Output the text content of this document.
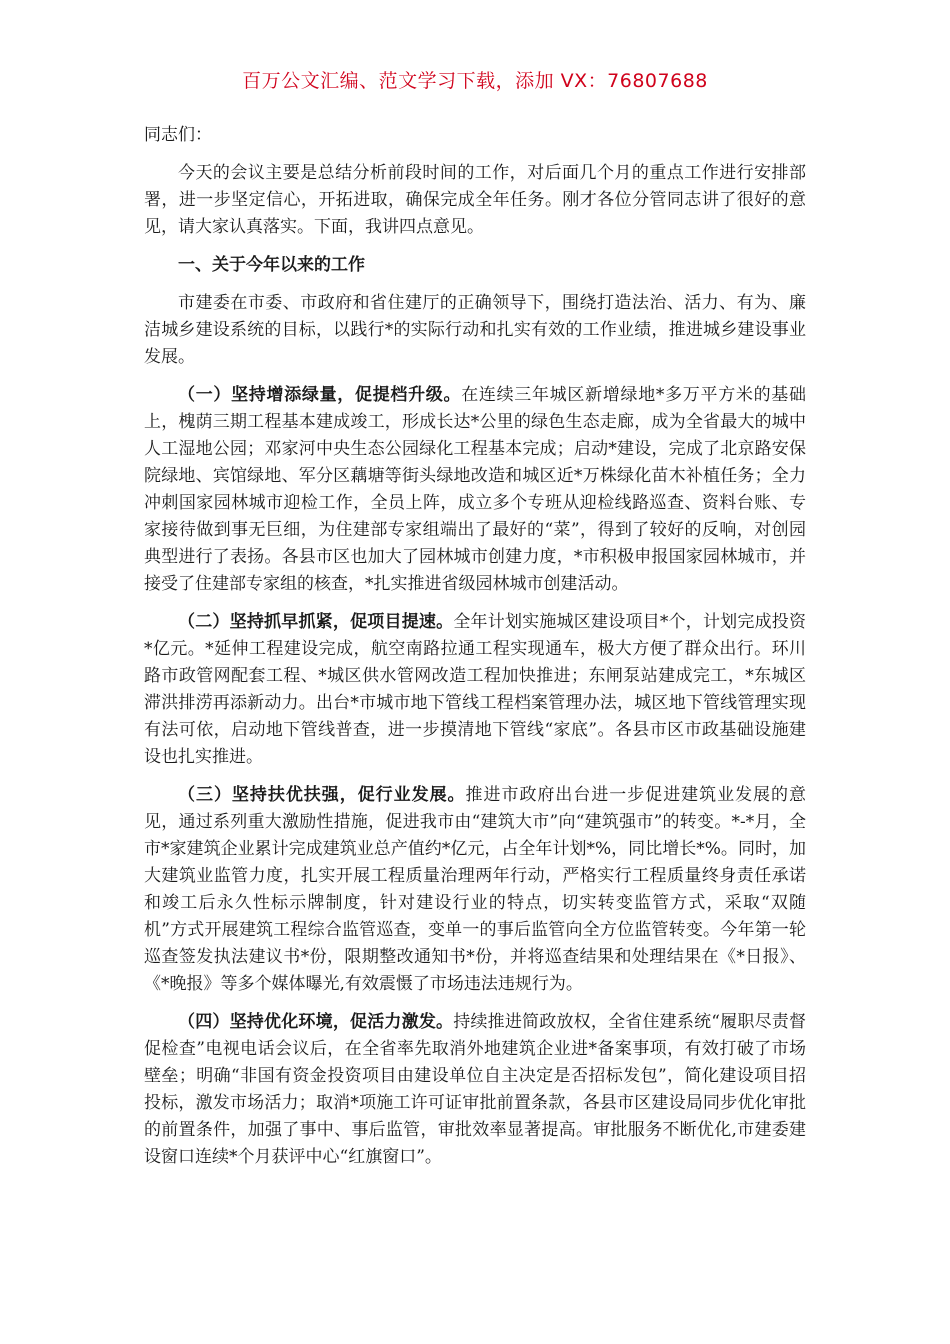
百万公文汇编、范文学习下载，添加 VX：76807688

同志们：

今天的会议主要是总结分析前段时间的工作，对后面几个月的重点工作进行安排部署，进一步坚定信心，开拓进取，确保完成全年任务。刚才各位分管同志讲了很好的意见，请大家认真落实。下面，我讲四点意见。

一、关于今年以来的工作

市建委在市委、市政府和省住建厅的正确领导下，围绕打造法治、活力、有为、廉洁城乡建设系统的目标，以践行*的实际行动和扎实有效的工作业绩，推进城乡建设事业发展。

（一）坚持增添绿量，促提档升级。在连续三年城区新增绿地*多万平方米的基础上，槐荫三期工程基本建成竣工，形成长达*公里的绿色生态走廊，成为全省最大的城中人工湿地公园；邓家河中央生态公园绿化工程基本完成；启动*建设，完成了北京路安保院绿地、宾馆绿地、军分区藕塘等街头绿地改造和城区近*万株绿化苗木补植任务；全力冲刺国家园林城市迎检工作，全员上阵，成立多个专班从迎检线路巡查、资料台账、专家接待做到事无巨细，为住建部专家组端出了最好的“菜”，得到了较好的反响，对创园典型进行了表扬。各县市区也加大了园林城市创建力度，*市积极申报国家园林城市，并接受了住建部专家组的核查，*扎实推进省级园林城市创建活动。

（二）坚持抓早抓紧，促项目提速。全年计划实施城区建设项目*个，计划完成投资*亿元。*延伸工程建设完成，航空南路拉通工程实现通车，极大方便了群众出行。环川路市政管网配套工程、*城区供水管网改造工程加快推进；东闸泵站建成完工，*东城区滞洪排涝再添新动力。出台*市城市地下管线工程档案管理办法，城区地下管线管理实现有法可依，启动地下管线普查，进一步摸清地下管线“家底”。各县市区市政基础设施建设也扎实推进。

（三）坚持扶优扶强，促行业发展。推进市政府出台进一步促进建筑业发展的意见，通过系列重大激励性措施，促进我市由“建筑大市”向“建筑强市”的转变。*-*月，全市*家建筑企业累计完成建筑业总产值约*亿元，占全年计划*%，同比增长*%。同时，加大建筑业监管力度，扎实开展工程质量治理两年行动，严格实行工程质量终身责任承诺和竣工后永久性标示牌制度，针对建设行业的特点，切实转变监管方式，采取“双随机”方式开展建筑工程综合监管巡查，变单一的事后监管向全方位监管转变。今年第一轮巡查签发执法建议书*份，限期整改通知书*份，并将巡查结果和处理结果在《*日报》、《*晚报》等多个媒体曝光,有效震慑了市场违法违规行为。

（四）坚持优化环境，促活力激发。持续推进简政放权，全省住建系统“履职尽责督促检查”电视电话会议后，在全省率先取消外地建筑企业进*备案事项，有效打破了市场壁垒；明确“非国有资金投资项目由建设单位自主决定是否招标发包”，简化建设项目招投标，激发市场活力；取消*项施工许可证审批前置条款，各县市区建设局同步优化审批的前置条件，加强了事中、事后监管，审批效率显著提高。审批服务不断优化,市建委建设窗口连续*个月获评中心“红旗窗口”。
